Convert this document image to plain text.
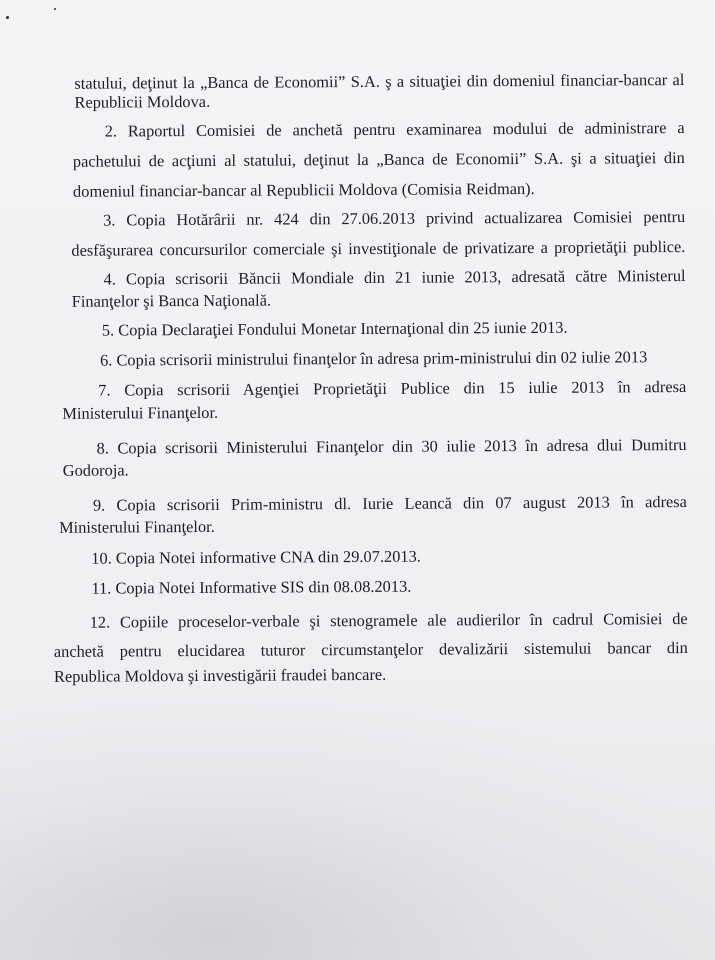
statului, deţinut la „Banca de Economii” S.A. ş a situaţiei din domeniul financiar-bancar al
Republicii Moldova.
2. Raportul Comisiei de anchetă pentru examinarea modului de administrare a
pachetului de acţiuni al statului, deţinut la „Banca de Economii” S.A. şi a situaţiei din
domeniul financiar-bancar al Republicii Moldova (Comisia Reidman).
3. Copia Hotărârii nr. 424 din 27.06.2013 privind actualizarea Comisiei pentru
desfăşurarea concursurilor comerciale şi investiţionale de privatizare a proprietăţii publice.
4. Copia scrisorii Băncii Mondiale din 21 iunie 2013, adresată către Ministerul
Finanţelor şi Banca Naţională.
5. Copia Declaraţiei Fondului Monetar Internaţional din 25 iunie 2013.
6. Copia scrisorii ministrului finanţelor în adresa prim-ministrului din 02 iulie 2013
7. Copia scrisorii Agenţiei Proprietăţii Publice din 15 iulie 2013 în adresa
Ministerului Finanţelor.
8. Copia scrisorii Ministerului Finanţelor din 30 iulie 2013 în adresa dlui Dumitru
Godoroja.
9. Copia scrisorii Prim-ministru dl. Iurie Leancă din 07 august 2013 în adresa
Ministerului Finanţelor.
10. Copia Notei informative CNA din 29.07.2013.
11. Copia Notei Informative SIS din 08.08.2013.
12. Copiile proceselor-verbale şi stenogramele ale audierilor în cadrul Comisiei de
anchetă pentru elucidarea tuturor circumstanţelor devalizării sistemului bancar din
Republica Moldova şi investigării fraudei bancare.
